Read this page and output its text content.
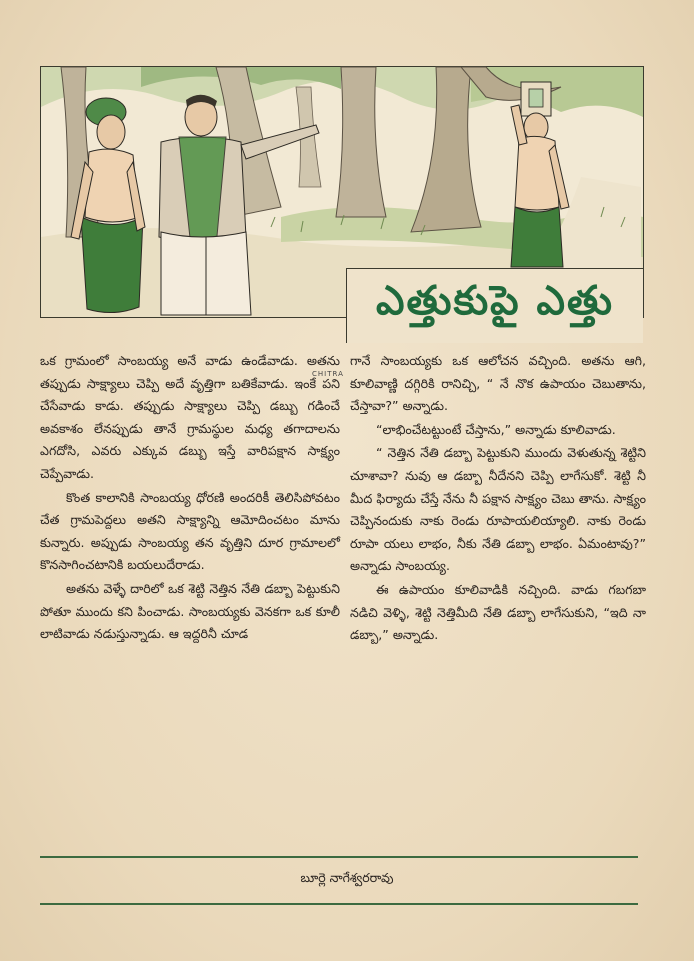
CHITRA
ఎత్తుకుపై ఎత్తు

ఒక గ్రామంలో సాంబయ్య అనే వాడు ఉండేవాడు. అతను తప్పుడు సాక్ష్యాలు చెప్పి అదే వృత్తిగా బతికేవాడు. ఇంకే పని చేసేవాడు కాడు. తప్పుడు సాక్ష్యాలు చెప్పి డబ్బు గడించే అవకాశం లేనప్పుడు తానే గ్రామస్థుల మధ్య తగాదాలను ఎగదోసి, ఎవరు ఎక్కువ డబ్బు ఇస్తే వారిపక్షాన సాక్ష్యం చెప్పేవాడు.

కొంత కాలానికి సాంబయ్య ధోరణి అందరికీ తెలిసిపోవటం చేత గ్రామపెద్దలు అతని సాక్ష్యాన్ని ఆమోదించటం మాను కున్నారు. అప్పుడు సాంబయ్య తన వృత్తిని దూర గ్రామాలలో కొనసాగించటానికి బయలుదేరాడు.

అతను వెళ్ళే దారిలో ఒక శెట్టి నెత్తిన నేతి డబ్బా పెట్టుకుని పోతూ ముందు కని పించాడు. సాంబయ్యకు వెనకగా ఒక కూలీ లాటివాడు నడుస్తున్నాడు. ఆ ఇద్దరినీ చూడ

గానే సాంబయ్యకు ఒక ఆలోచన వచ్చింది. అతను ఆగి, కూలివాణ్ణి దగ్గిరికి రానిచ్చి, “ నే నొక ఉపాయం చెబుతాను, చేస్తావా?” అన్నాడు.

“లాభించేటట్టుంటే చేస్తాను,” అన్నాడు కూలివాడు.

“ నెత్తిన నేతి డబ్బా పెట్టుకుని ముందు వెళుతున్న శెట్టిని చూశావా? నువు ఆ డబ్బా నీదేనని చెప్పి లాగేసుకో. శెట్టి నీ మీద ఫిర్యాదు చేస్తే నేను నీ పక్షాన సాక్ష్యం చెబు తాను. సాక్ష్యం చెప్పినందుకు నాకు రెండు రూపాయలియ్యాలి. నాకు రెండు రూపా యలు లాభం, నీకు నేతి డబ్బా లాభం. ఏమంటావు?” అన్నాడు సాంబయ్య.

ఈ ఉపాయం కూలివాడికి నచ్చింది. వాడు గబగబా నడిచి వెళ్ళి, శెట్టి నెత్తిమీది నేతి డబ్బా లాగేసుకుని, “ఇది నా డబ్బా,” అన్నాడు.

బూర్లె నాగేశ్వరరావు
